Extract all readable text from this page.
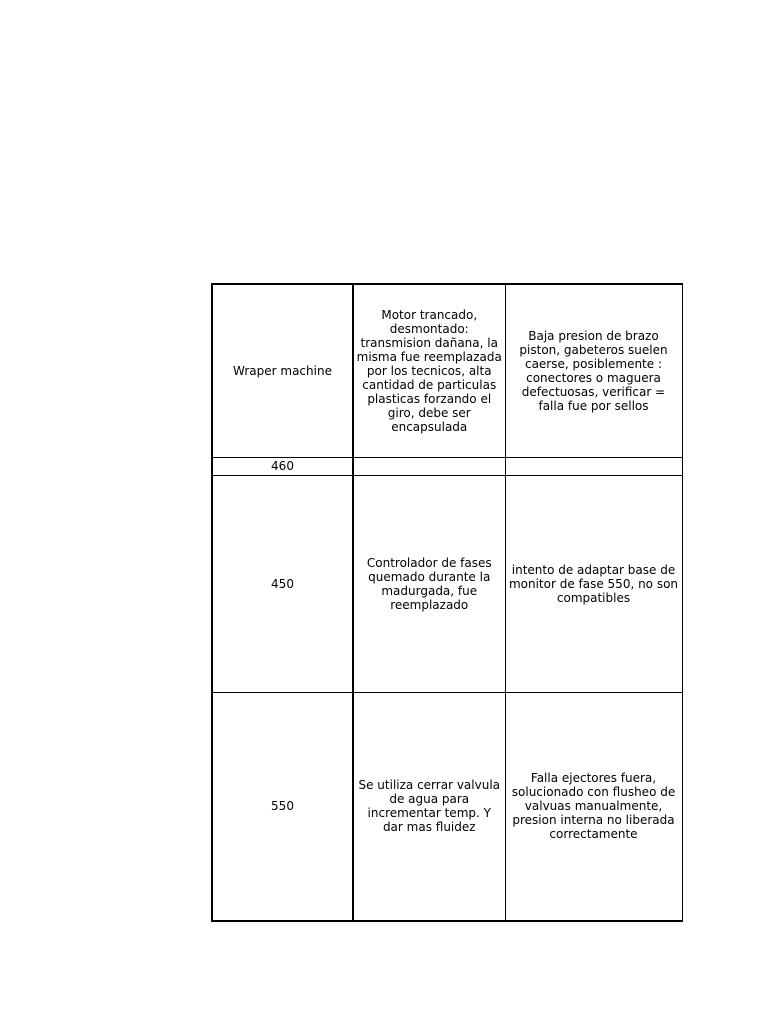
Wraper machine	Motor trancado, desmontado: transmision dañana, la misma fue reemplazada por los tecnicos, alta cantidad de particulas plasticas forzando el giro, debe ser encapsulada	Baja presion de brazo piston, gabeteros suelen caerse, posiblemente : conectores o maguera defectuosas, verificar = falla fue por sellos

460		

450	Controlador de fases quemado durante la madurgada, fue reemplazado	intento de adaptar base de monitor de fase 550, no son compatibles

550	Se utiliza cerrar valvula de agua para incrementar temp. Y dar mas fluidez	Falla ejectores fuera, solucionado con flusheo de valvuas manualmente, presion interna no liberada correctamente
